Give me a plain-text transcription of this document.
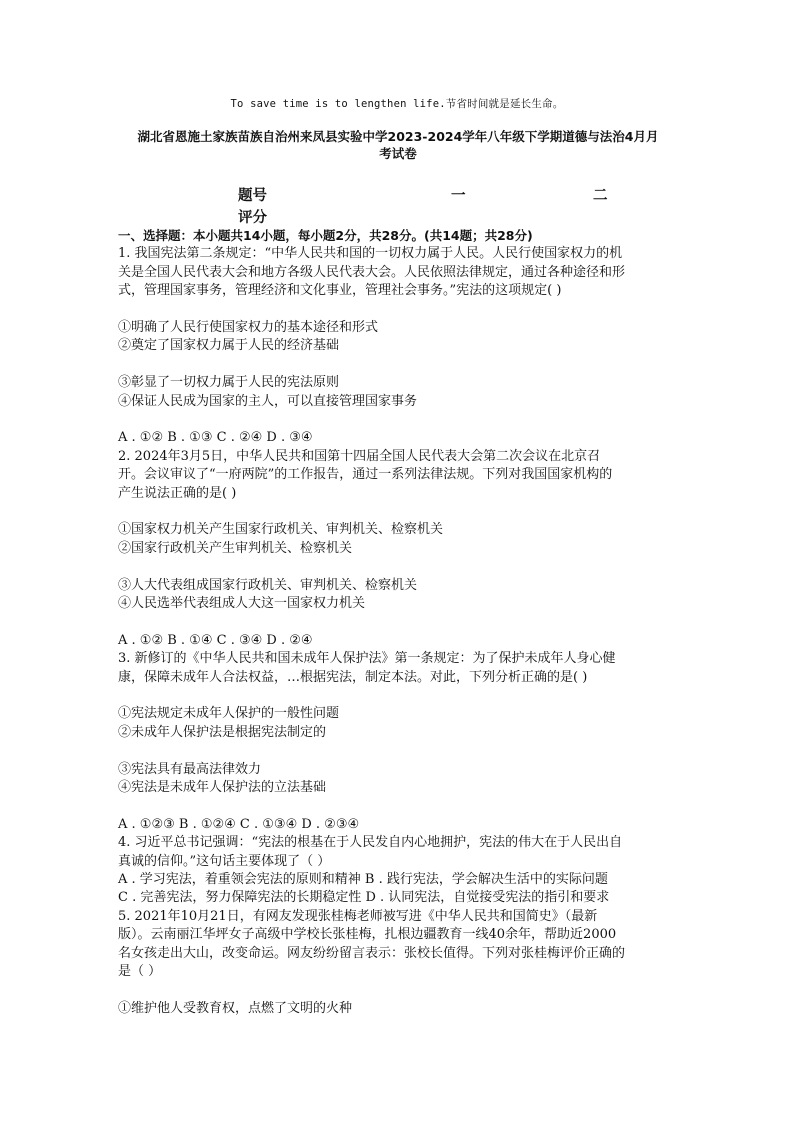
To save time is to lengthen life.节省时间就是延长生命。
湖北省恩施土家族苗族自治州来凤县实验中学2023-2024学年八年级下学期道德与法治4月月
考试卷
题号	一	二
评分

一、选择题：本小题共14小题，每小题2分，共28分。(共14题；共28分)

1. 我国宪法第二条规定：“中华人民共和国的一切权力属于人民。人民行使国家权力的机

关是全国人民代表大会和地方各级人民代表大会。人民依照法律规定，通过各种途径和形

式，管理国家事务，管理经济和文化事业，管理社会事务。”宪法的这项规定( )

①明确了人民行使国家权力的基本途径和形式

②奠定了国家权力属于人民的经济基础

③彰显了一切权力属于人民的宪法原则

④保证人民成为国家的主人，可以直接管理国家事务

A . ①② B . ①③ C . ②④ D . ③④

2. 2024年3月5日，中华人民共和国第十四届全国人民代表大会第二次会议在北京召

开。会议审议了“一府两院”的工作报告，通过一系列法律法规。下列对我国国家机构的

产生说法正确的是( )

①国家权力机关产生国家行政机关、审判机关、检察机关

②国家行政机关产生审判机关、检察机关

③人大代表组成国家行政机关、审判机关、检察机关

④人民选举代表组成人大这一国家权力机关

A . ①② B . ①④ C . ③④ D . ②④

3. 新修订的《中华人民共和国未成年人保护法》第一条规定：为了保护未成年人身心健

康，保障未成年人合法权益，…根据宪法，制定本法。对此，下列分析正确的是( )

①宪法规定未成年人保护的一般性问题

②未成年人保护法是根据宪法制定的

③宪法具有最高法律效力

④宪法是未成年人保护法的立法基础

A . ①②③ B . ①②④ C . ①③④ D . ②③④

4. 习近平总书记强调：“宪法的根基在于人民发自内心地拥护，宪法的伟大在于人民出自

真诚的信仰。”这句话主要体现了（ ）

A . 学习宪法，着重领会宪法的原则和精神 B . 践行宪法，学会解决生活中的实际问题

C . 完善宪法，努力保障宪法的长期稳定性 D . 认同宪法，自觉接受宪法的指引和要求

5. 2021年10月21日，有网友发现张桂梅老师被写进《中华人民共和国简史》（最新

版）。云南丽江华坪女子高级中学校长张桂梅，扎根边疆教育一线40余年，帮助近2000

名女孩走出大山，改变命运。网友纷纷留言表示：张校长值得。下列对张桂梅评价正确的

是（ ）

①维护他人受教育权，点燃了文明的火种
